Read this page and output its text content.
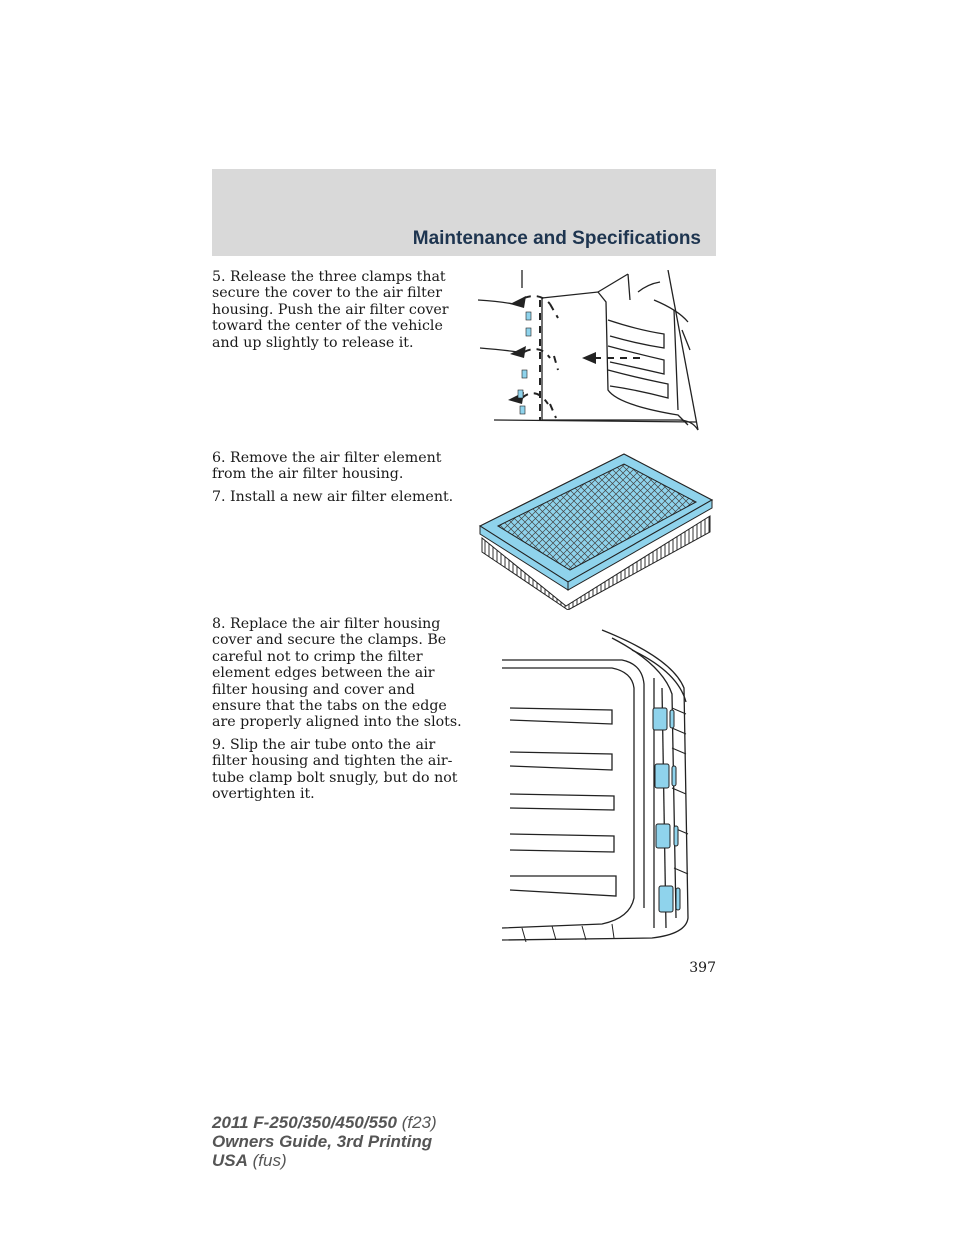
Maintenance and Specifications

5. Release the three clamps that secure the cover to the air filter housing. Push the air filter cover toward the center of the vehicle and up slightly to release it.

6. Remove the air filter element from the air filter housing.

7. Install a new air filter element.

8. Replace the air filter housing cover and secure the clamps. Be careful not to crimp the filter element edges between the air filter housing and cover and ensure that the tabs on the edge are properly aligned into the slots.

9. Slip the air tube onto the air filter housing and tighten the air-tube clamp bolt snugly, but do not overtighten it.

397
2011 F-250/350/450/550 (f23)
Owners Guide, 3rd Printing
USA (fus)
